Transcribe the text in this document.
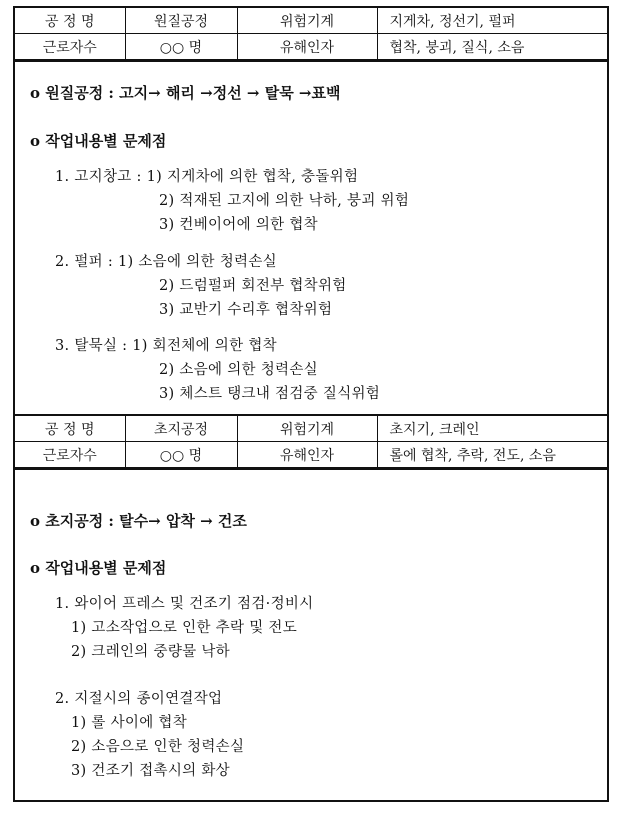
공 정 명	원질공정	위험기계	지게차, 정선기, 펄퍼
근로자수	○○ 명	유해인자	협착, 붕괴, 질식, 소음
o 원질공정 : 고지→ 해리 →정선 → 탈묵 →표백
o 작업내용별 문제점
1. 고지창고 : 1) 지게차에 의한 협착, 충돌위험
2) 적재된 고지에 의한 낙하, 붕괴 위험
3) 컨베이어에 의한 협착
2. 펄퍼 : 1) 소음에 의한 청력손실
2) 드럼펄퍼 회전부 협착위험
3) 교반기 수리후 협착위험
3. 탈묵실 : 1) 회전체에 의한 협착
2) 소음에 의한 청력손실
3) 체스트 탱크내 점검중 질식위험
공 정 명	초지공정	위험기계	초지기, 크레인
근로자수	○○ 명	유해인자	롤에 협착, 추락, 전도, 소음
o 초지공정 : 탈수→ 압착 → 건조
o 작업내용별 문제점
1. 와이어 프레스 및 건조기 점검·정비시
1) 고소작업으로 인한 추락 및 전도
2) 크레인의 중량물 낙하
2. 지절시의 종이연결작업
1) 롤 사이에 협착
2) 소음으로 인한 청력손실
3) 건조기 접촉시의 화상
